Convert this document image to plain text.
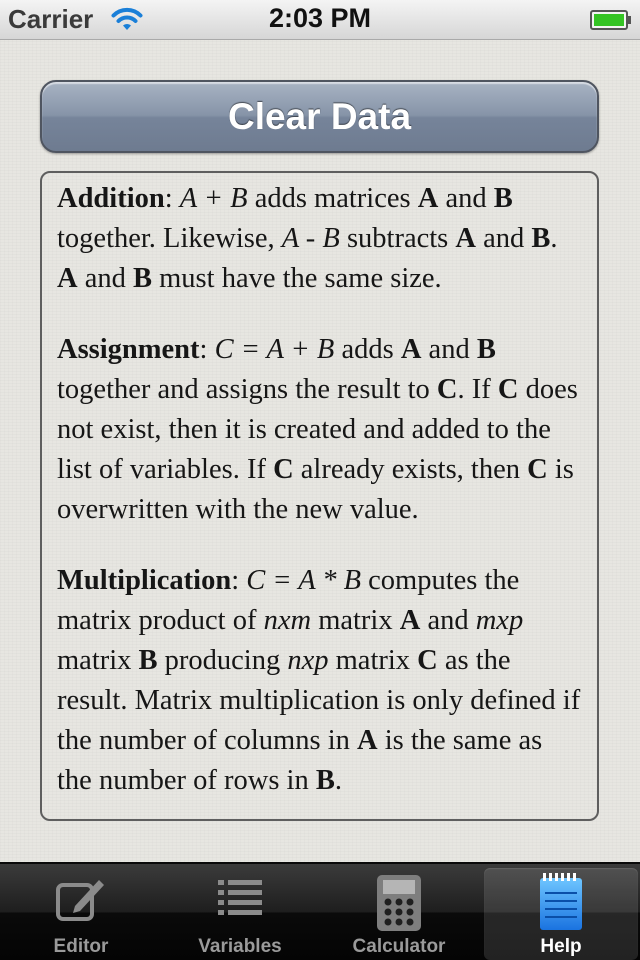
Carrier	2:03 PM
Clear Data

Addition: A + B adds matrices A and B together. Likewise, A - B subtracts A and B. A and B must have the same size.

Assignment: C = A + B adds A and B together and assigns the result to C. If C does not exist, then it is created and added to the list of variables. If C already exists, then C is overwritten with the new value.

Multiplication: C = A * B computes the matrix product of nxm matrix A and mxp matrix B producing nxp matrix C as the result. Matrix multiplication is only defined if the number of columns in A is the same as the number of rows in B.

Editor	Variables	Calculator	Help
